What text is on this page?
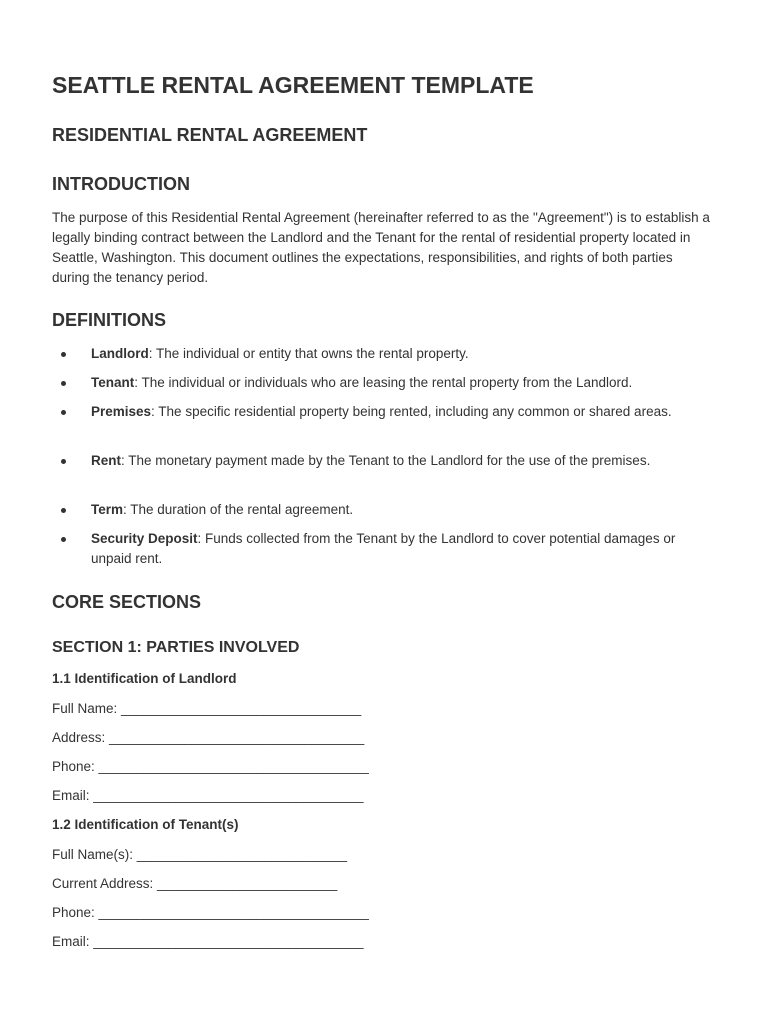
SEATTLE RENTAL AGREEMENT TEMPLATE
RESIDENTIAL RENTAL AGREEMENT
INTRODUCTION

The purpose of this Residential Rental Agreement (hereinafter referred to as the "Agreement") is to establish a legally binding contract between the Landlord and the Tenant for the rental of residential property located in Seattle, Washington. This document outlines the expectations, responsibilities, and rights of both parties during the tenancy period.

DEFINITIONS
Landlord: The individual or entity that owns the rental property.
Tenant: The individual or individuals who are leasing the rental property from the Landlord.
Premises: The specific residential property being rented, including any common or shared areas.
Rent: The monetary payment made by the Tenant to the Landlord for the use of the premises.
Term: The duration of the rental agreement.
Security Deposit: Funds collected from the Tenant by the Landlord to cover potential damages or unpaid rent.
CORE SECTIONS
SECTION 1: PARTIES INVOLVED
1.1 Identification of Landlord
Full Name: ________________________________
Address: __________________________________
Phone: ____________________________________
Email: ____________________________________
1.2 Identification of Tenant(s)
Full Name(s): ____________________________
Current Address: ________________________
Phone: ____________________________________
Email: ____________________________________
